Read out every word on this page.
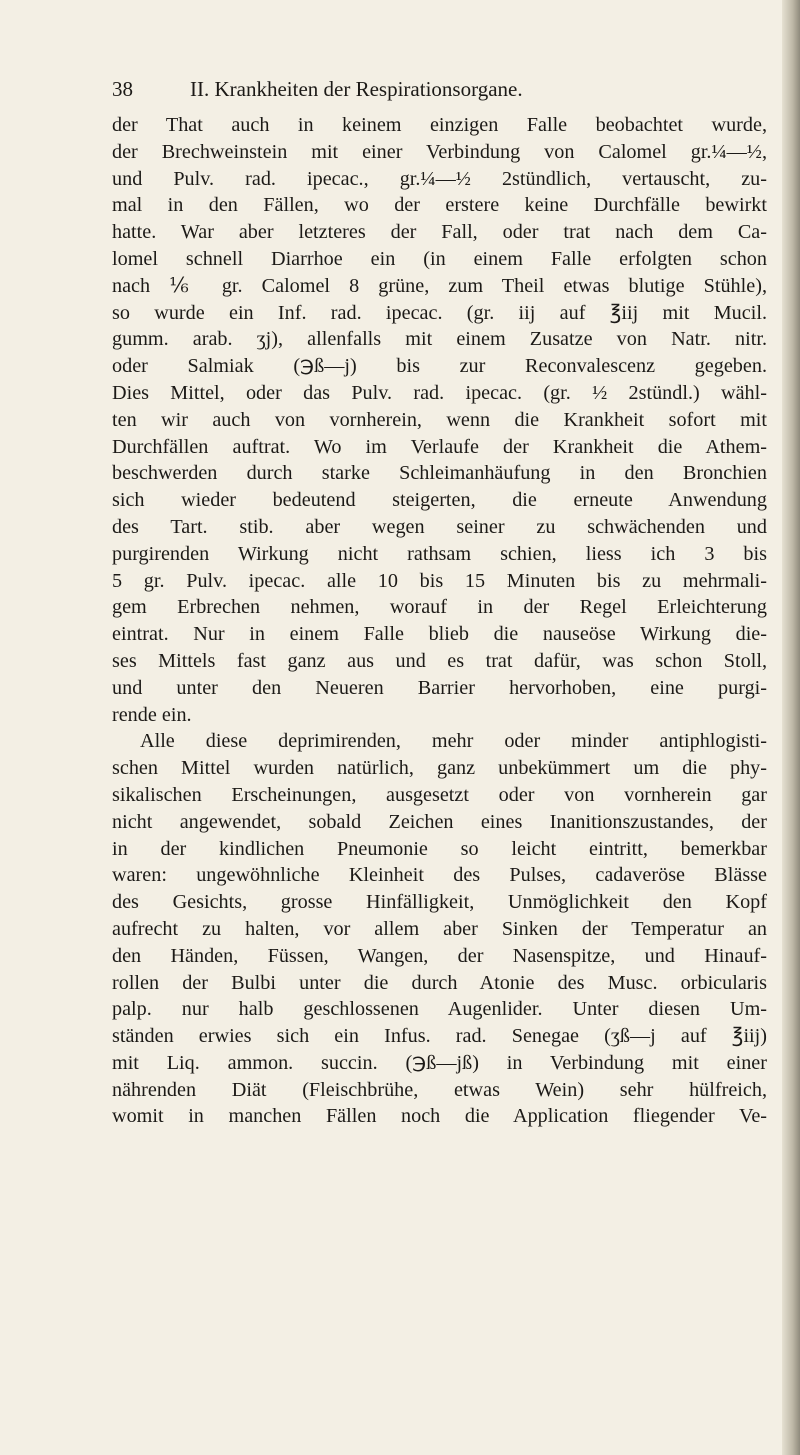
38	II. Krankheiten der Respirationsorgane.
der That auch in keinem einzigen Falle beobachtet wurde,
der Brechweinstein mit einer Verbindung von Calomel gr.¼—½,
und Pulv. rad. ipecac., gr.¼—½ 2stündlich, vertauscht, zu-
mal in den Fällen, wo der erstere keine Durchfälle bewirkt
hatte. War aber letzteres der Fall, oder trat nach dem Ca-
lomel schnell Diarrhoe ein (in einem Falle erfolgten schon
nach ⅙ gr. Calomel 8 grüne, zum Theil etwas blutige Stühle),
so wurde ein Inf. rad. ipecac. (gr. iij auf ℥iij mit Mucil.
gumm. arab. ʒj), allenfalls mit einem Zusatze von Natr. nitr.
oder Salmiak (℈ß—j) bis zur Reconvalescenz gegeben.
Dies Mittel, oder das Pulv. rad. ipecac. (gr. ½ 2stündl.) wähl-
ten wir auch von vornherein, wenn die Krankheit sofort mit
Durchfällen auftrat. Wo im Verlaufe der Krankheit die Athem-
beschwerden durch starke Schleimanhäufung in den Bronchien
sich wieder bedeutend steigerten, die erneute Anwendung
des Tart. stib. aber wegen seiner zu schwächenden und
purgirenden Wirkung nicht rathsam schien, liess ich 3 bis
5 gr. Pulv. ipecac. alle 10 bis 15 Minuten bis zu mehrmali-
gem Erbrechen nehmen, worauf in der Regel Erleichterung
eintrat. Nur in einem Falle blieb die nauseöse Wirkung die-
ses Mittels fast ganz aus und es trat dafür, was schon Stoll,
und unter den Neueren Barrier hervorhoben, eine purgi-
rende ein.
Alle diese deprimirenden, mehr oder minder antiphlogisti-
schen Mittel wurden natürlich, ganz unbekümmert um die phy-
sikalischen Erscheinungen, ausgesetzt oder von vornherein gar
nicht angewendet, sobald Zeichen eines Inanitionszustandes, der
in der kindlichen Pneumonie so leicht eintritt, bemerkbar
waren: ungewöhnliche Kleinheit des Pulses, cadaveröse Blässe
des Gesichts, grosse Hinfälligkeit, Unmöglichkeit den Kopf
aufrecht zu halten, vor allem aber Sinken der Temperatur an
den Händen, Füssen, Wangen, der Nasenspitze, und Hinauf-
rollen der Bulbi unter die durch Atonie des Musc. orbicularis
palp. nur halb geschlossenen Augenlider. Unter diesen Um-
ständen erwies sich ein Infus. rad. Senegae (ʒß—j auf ℥iij)
mit Liq. ammon. succin. (℈ß—jß) in Verbindung mit einer
nährenden Diät (Fleischbrühe, etwas Wein) sehr hülfreich,
womit in manchen Fällen noch die Application fliegender Ve-
